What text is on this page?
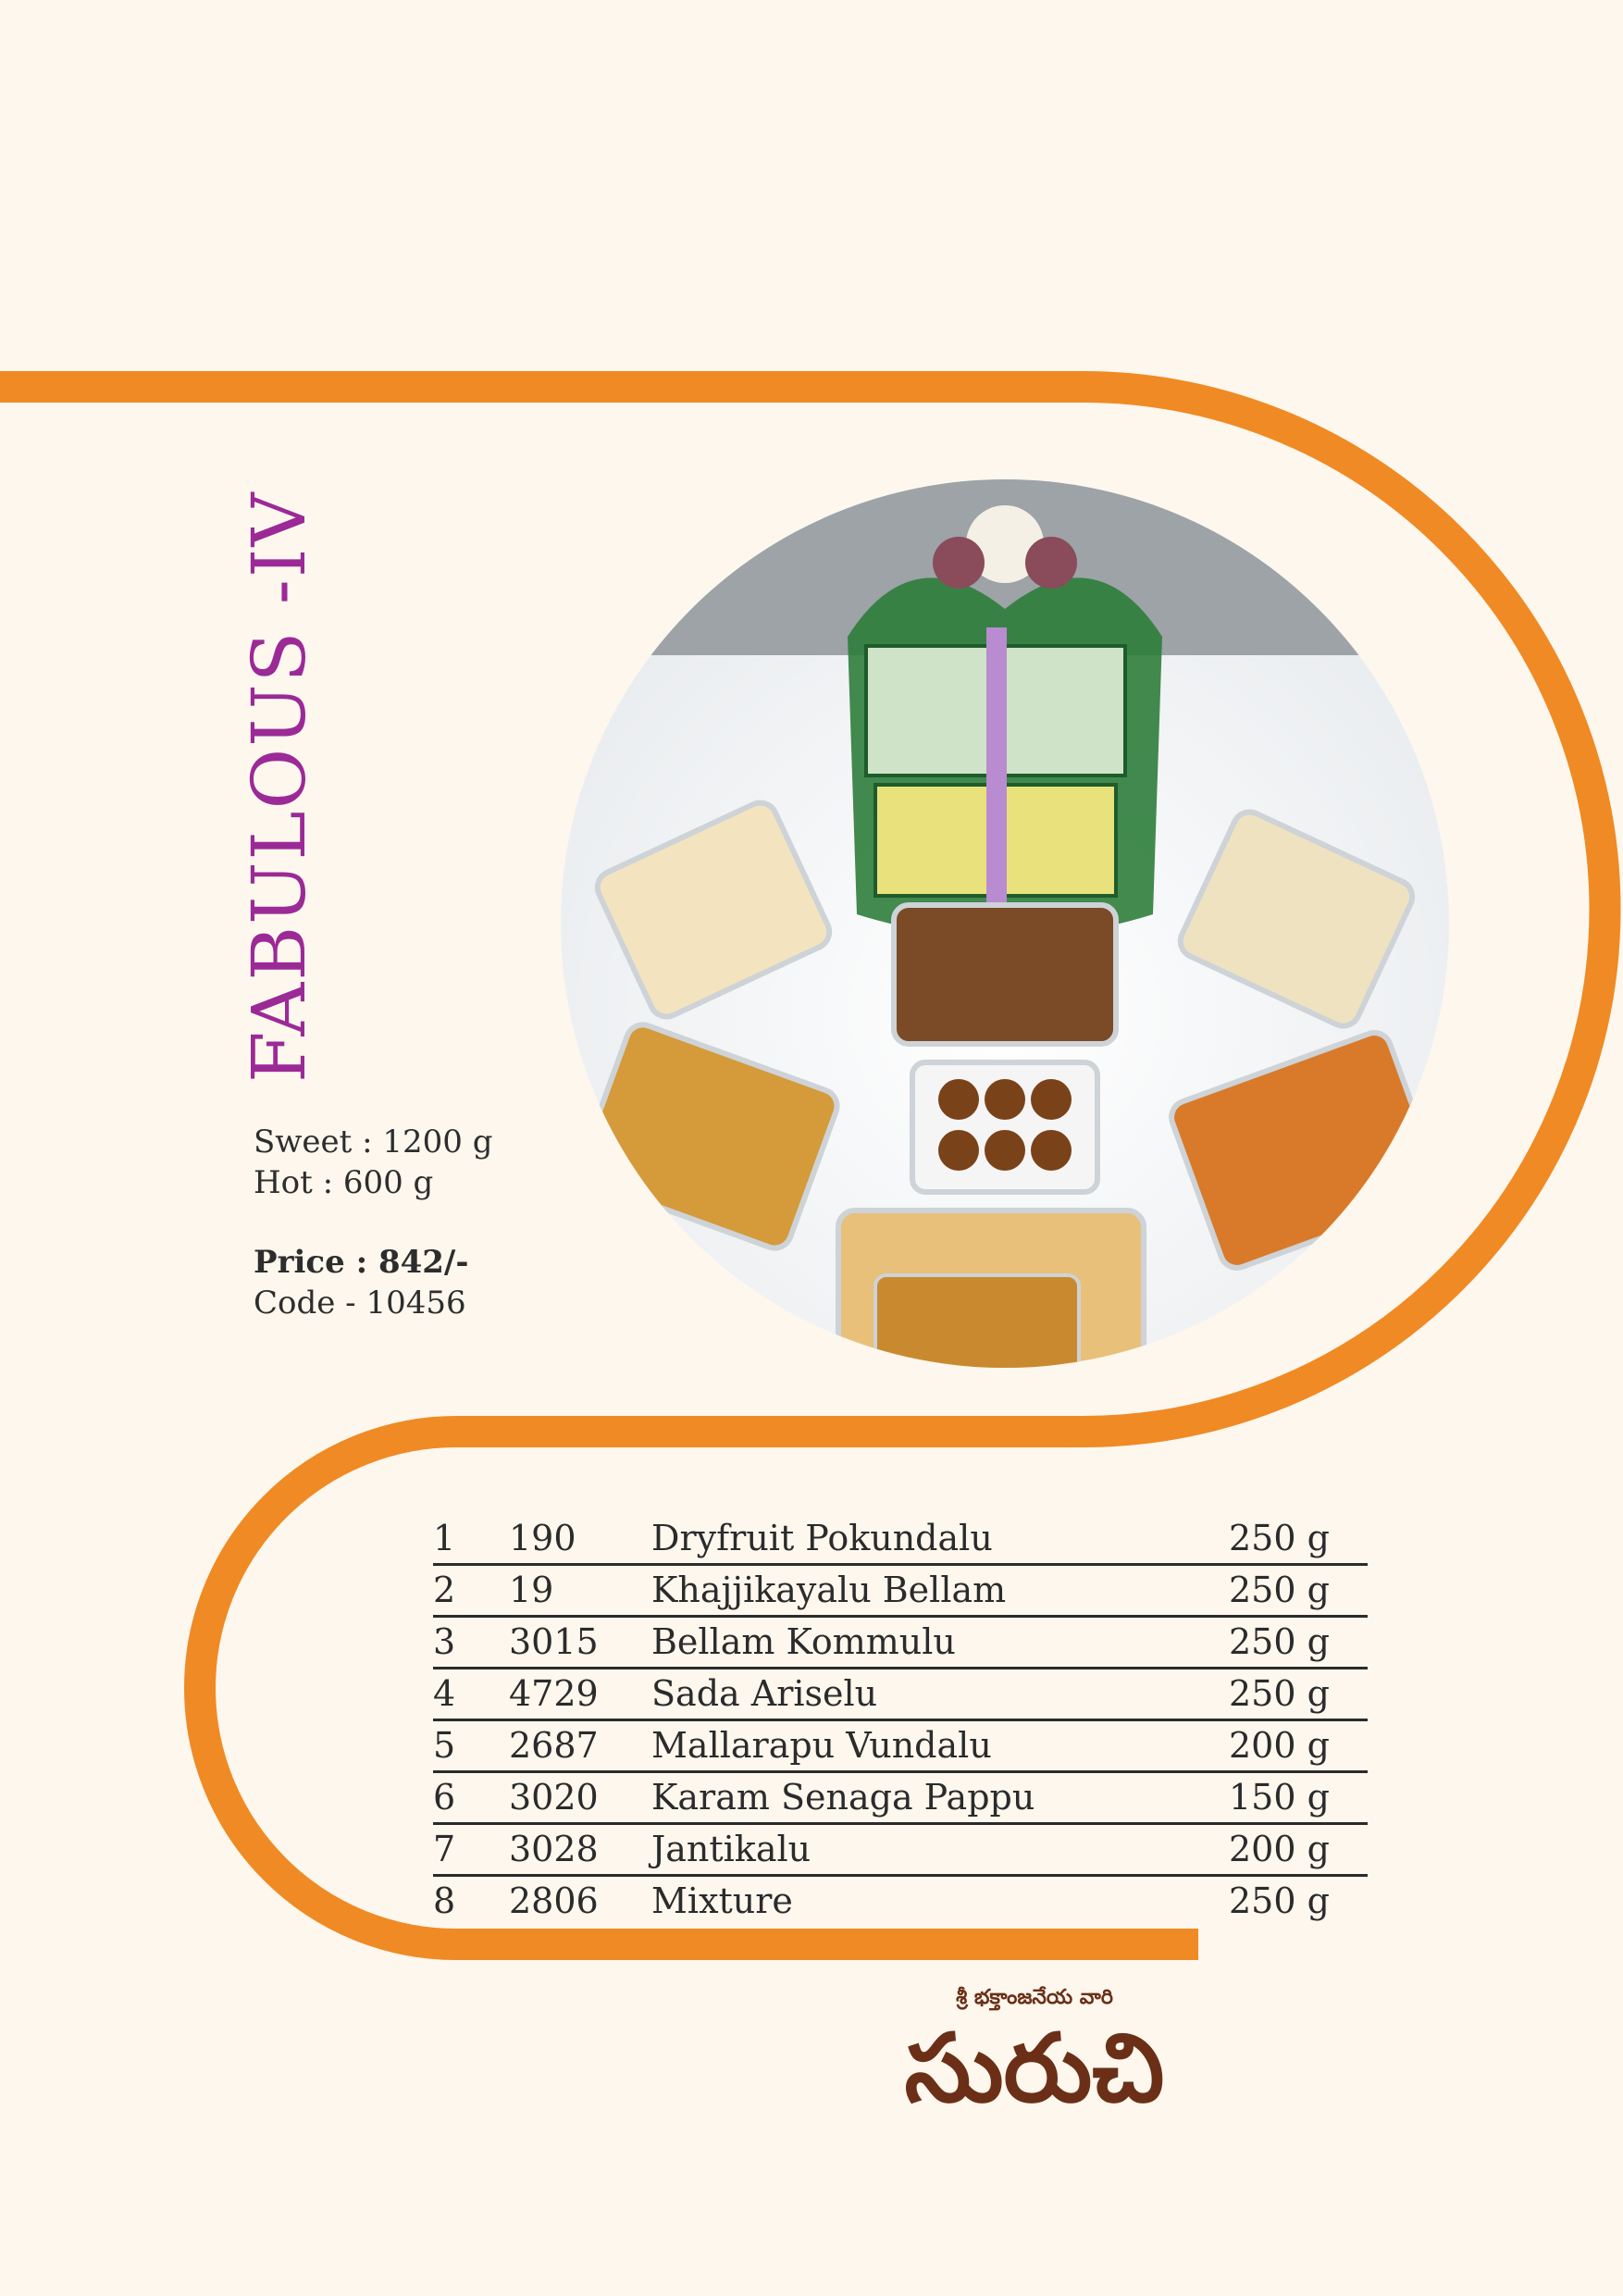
FABULOUS -IV
Sweet : 1200 g
Hot : 600 g
Price : 842/-
Code - 10456
1	190	Dryfruit Pokundalu	250 g
2	19	Khajjikayalu Bellam	250 g
3	3015	Bellam Kommulu	250 g
4	4729	Sada Ariselu	250 g
5	2687	Mallarapu Vundalu	200 g
6	3020	Karam Senaga Pappu	150 g
7	3028	Jantikalu	200 g
8	2806	Mixture	250 g
శ్రీ భక్తాంజనేయ వారి
సురుచి
